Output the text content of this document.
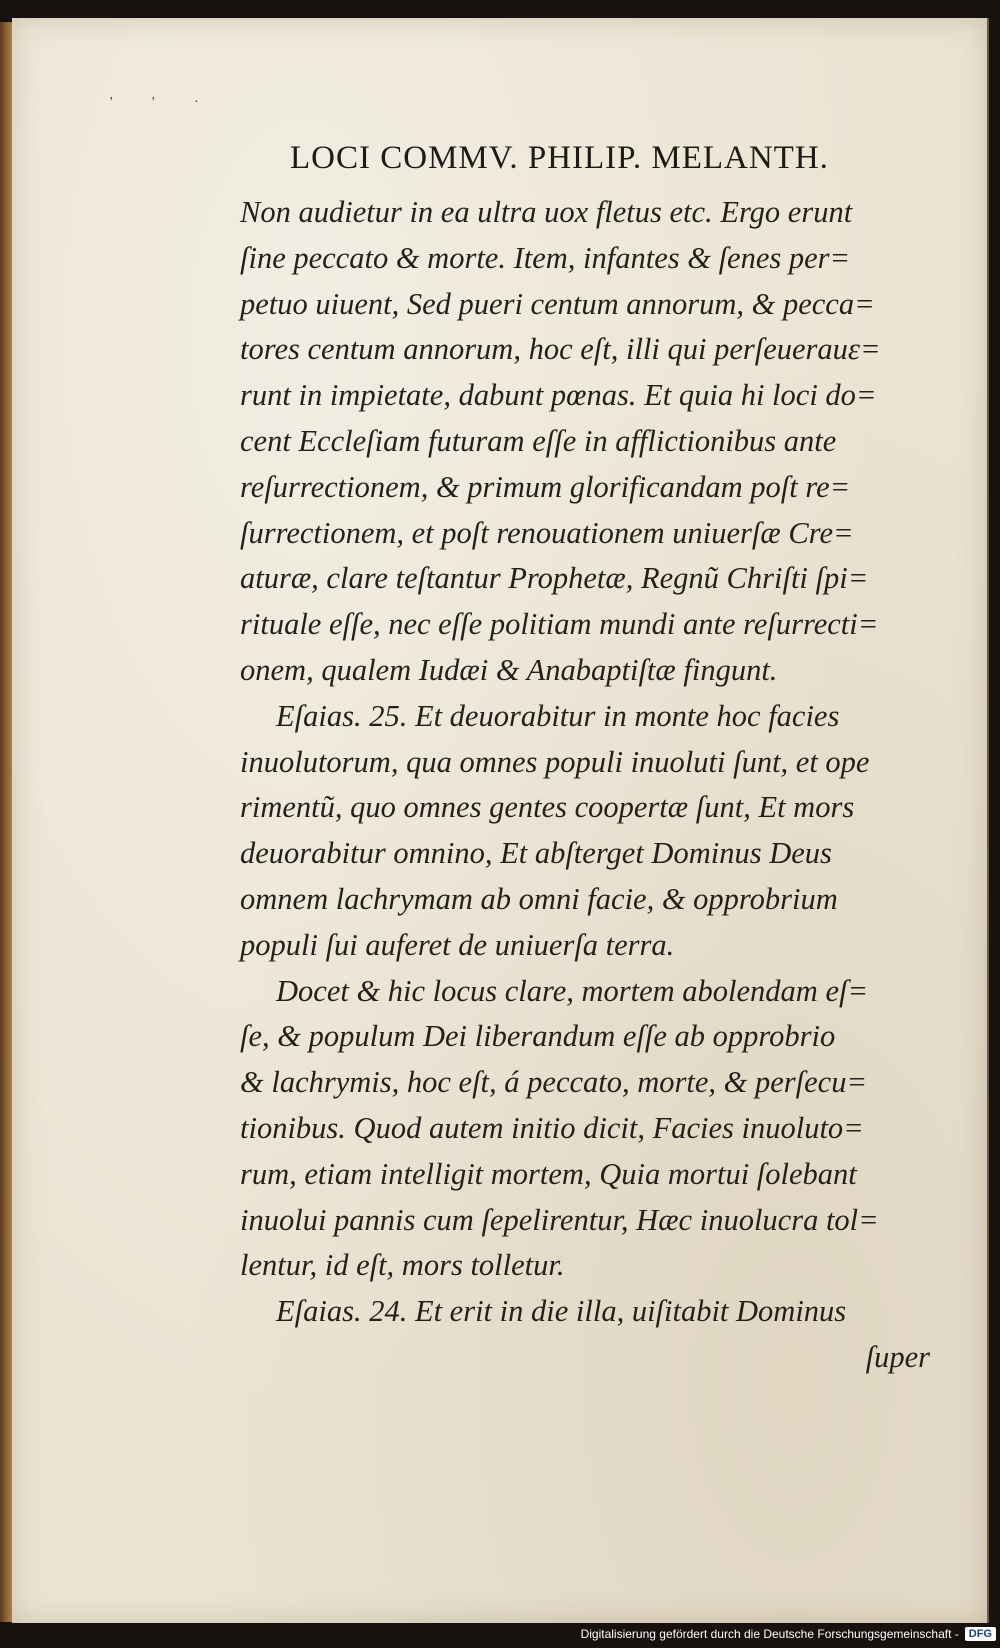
' ' ·
LOCI COMMV. PHILIP. MELANTH.
Non audietur in ea ultra uox fletus etc. Ergo erunt
ſine peccato & morte. Item, infantes & ſenes per=
petuo uiuent, Sed pueri centum annorum, & pecca=
tores centum annorum, hoc eſt, illi qui perſeuerauε=
runt in impietate, dabunt pœnas. Et quia hi loci do=
cent Eccleſiam futuram eſſe in afflictionibus ante
reſurrectionem, & primum glorificandam poſt re=
ſurrectionem, et poſt renouationem uniuerſæ Cre=
aturæ, clare teſtantur Prophetæ, Regnũ Chriſti ſpi=
rituale eſſe, nec eſſe politiam mundi ante reſurrecti=
onem, qualem Iudæi & Anabaptiſtæ fingunt.
Eſaias. 25. Et deuorabitur in monte hoc facies
inuolutorum, qua omnes populi inuoluti ſunt, et ope
rimentũ, quo omnes gentes coopertæ ſunt, Et mors
deuorabitur omnino, Et abſterget Dominus Deus
omnem lachrymam ab omni facie, & opprobrium
populi ſui auferet de uniuerſa terra.
Docet & hic locus clare, mortem abolendam eſ=
ſe, & populum Dei liberandum eſſe ab opprobrio
& lachrymis, hoc eſt, á peccato, morte, & perſecu=
tionibus. Quod autem initio dicit, Facies inuoluto=
rum, etiam intelligit mortem, Quia mortui ſolebant
inuolui pannis cum ſepelirentur, Hæc inuolucra tol=
lentur, id eſt, mors tolletur.
Eſaias. 24. Et erit in die illa, uiſitabit Dominus
ſuper
Digitalisierung gefördert durch die Deutsche Forschungsgemeinschaft - DFG
